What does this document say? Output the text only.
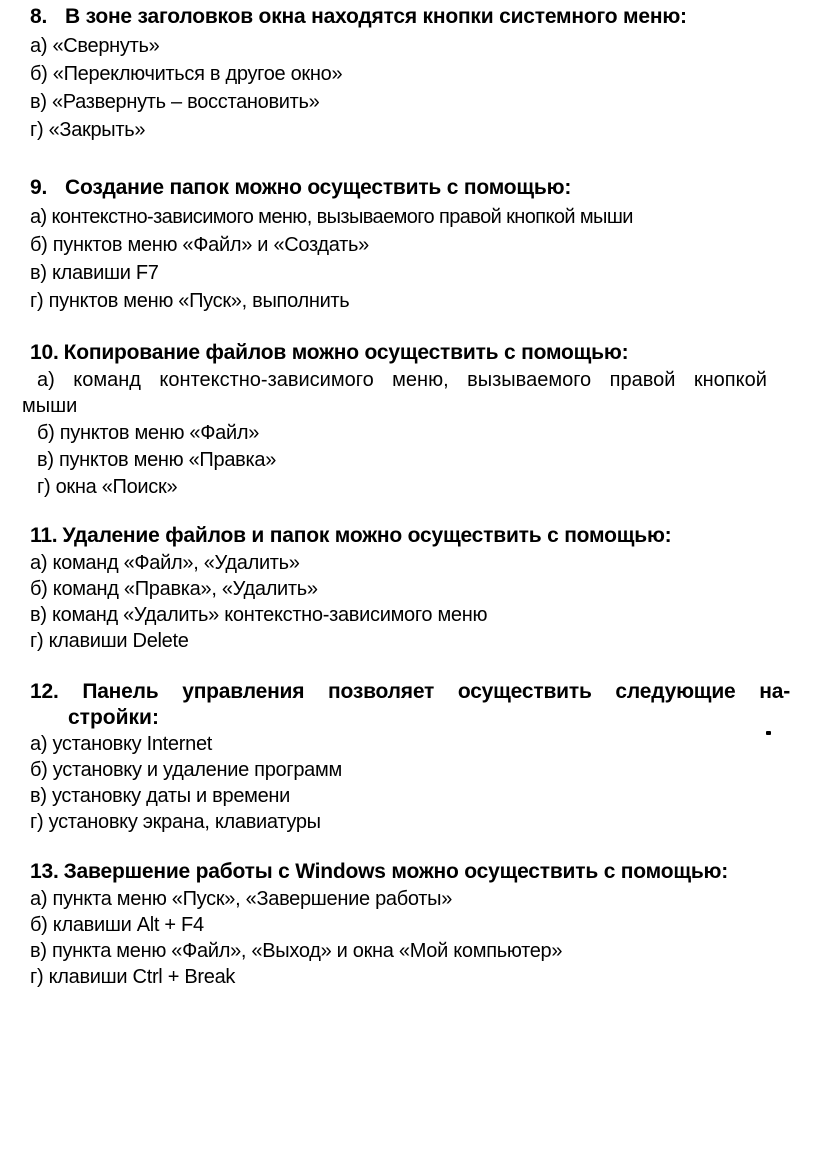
8. В зоне заголовков окна находятся кнопки системного меню:
а) «Свернуть»
б) «Переключиться в другое окно»
в) «Развернуть – восстановить»
г) «Закрыть»
9. Создание папок можно осуществить с помощью:
а) контекстно-зависимого меню, вызываемого правой кнопкой мыши
б) пунктов меню «Файл» и «Создать»
в) клавиши F7
г) пунктов меню «Пуск», выполнить
10. Копирование файлов можно осуществить с помощью:
а) команд контекстно-зависимого меню, вызываемого правой кнопкой
мыши
б) пунктов меню «Файл»
в) пунктов меню «Правка»
г) окна «Поиск»
11. Удаление файлов и папок можно осуществить с помощью:
а) команд «Файл», «Удалить»
б) команд «Правка», «Удалить»
в) команд «Удалить» контекстно-зависимого меню
г) клавиши Delete
12. Панель управления позволяет осуществить следующие на-
стройки:
а) установку Internet
б) установку и удаление программ
в) установку даты и времени
г) установку экрана, клавиатуры
13. Завершение работы с Windows можно осуществить с помощью:
а) пункта меню «Пуск», «Завершение работы»
б) клавиши Alt + F4
в) пункта меню «Файл», «Выход» и окна «Мой компьютер»
г) клавиши Ctrl + Break
